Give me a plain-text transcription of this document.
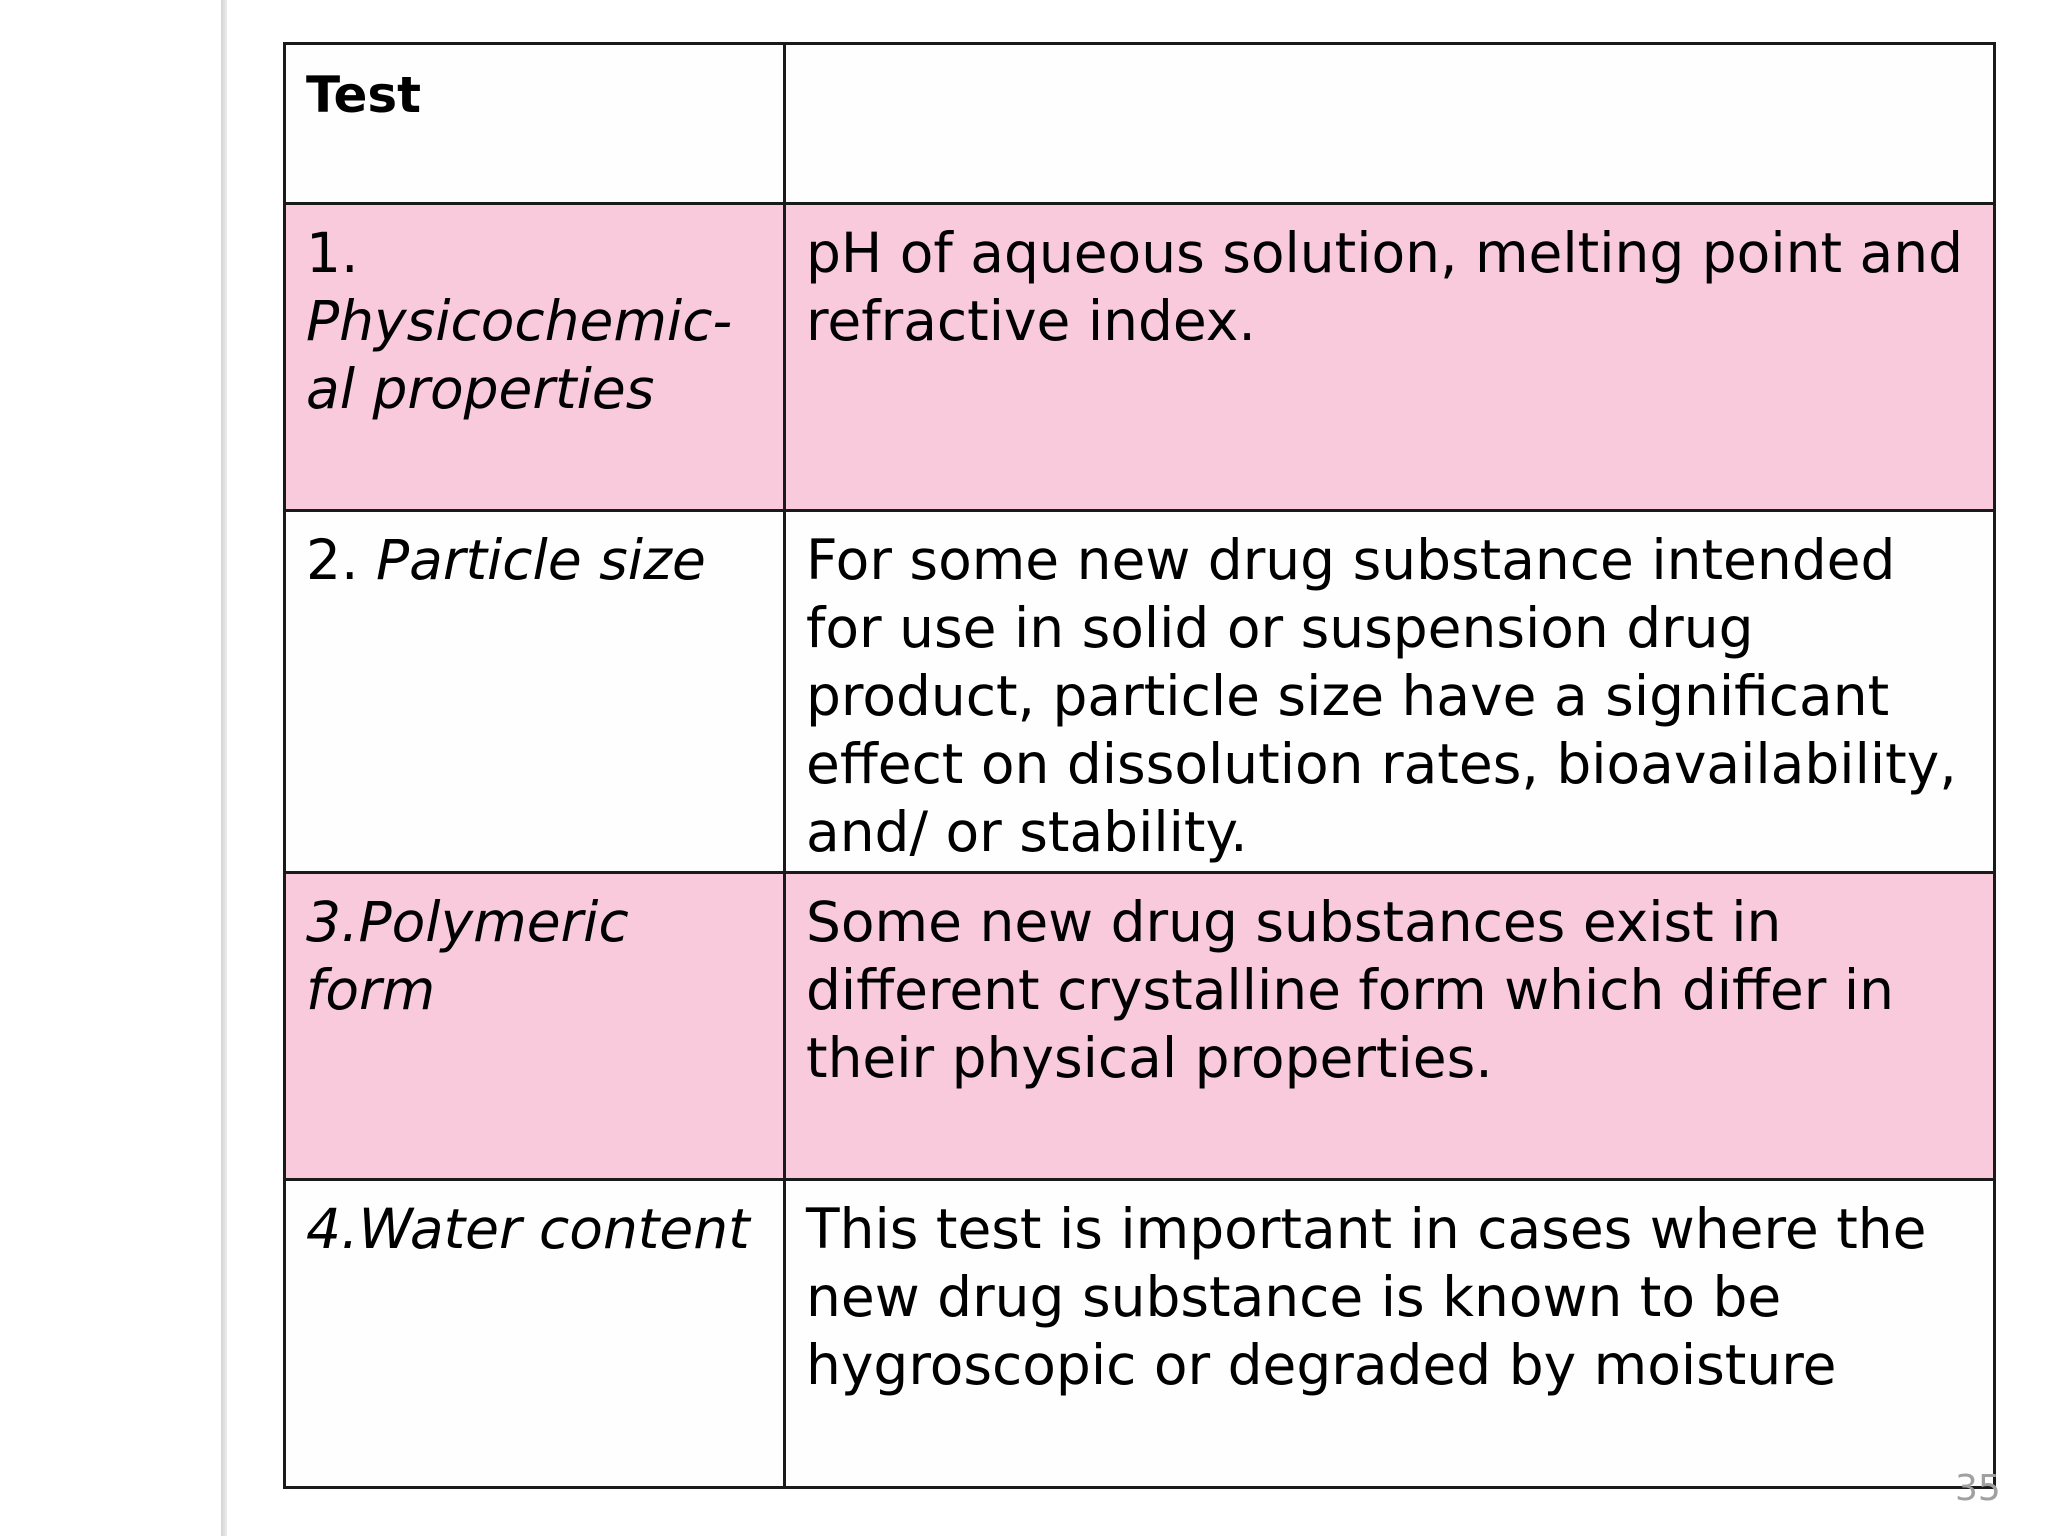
Test	
1.
Physicochemic-
al properties	pH of aqueous solution, melting point and refractive index.
2. Particle size	For some new drug substance intended for use in solid or suspension drug product, particle size have a significant effect on dissolution rates, bioavailability, and/ or stability.
3.Polymeric form	Some new drug substances exist in different crystalline form which differ in their physical properties.
4.Water content	This test is important in cases where the new drug substance is known to be hygroscopic or degraded by moisture
35
